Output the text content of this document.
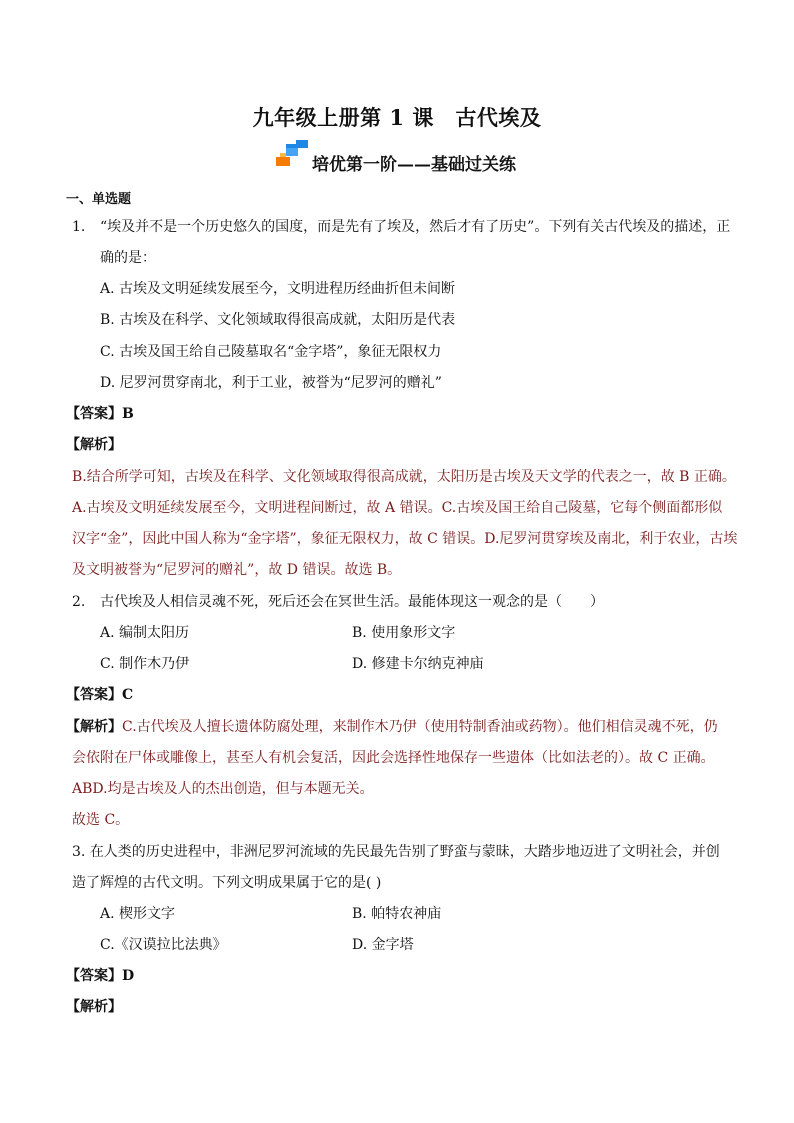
九年级上册第 1 课　古代埃及
培优第一阶——基础过关练
一、单选题
1. “埃及并不是一个历史悠久的国度，而是先有了埃及，然后才有了历史”。下列有关古代埃及的描述，正
确的是：
A. 古埃及文明延续发展至今，文明进程历经曲折但未间断
B. 古埃及在科学、文化领域取得很高成就，太阳历是代表
C. 古埃及国王给自己陵墓取名“金字塔”，象征无限权力
D. 尼罗河贯穿南北，利于工业，被誉为“尼罗河的赠礼”
【答案】B
【解析】
B.结合所学可知，古埃及在科学、文化领域取得很高成就，太阳历是古埃及天文学的代表之一，故 B 正确。
A.古埃及文明延续发展至今，文明进程间断过，故 A 错误。C.古埃及国王给自己陵墓，它每个侧面都形似
汉字“金”，因此中国人称为“金字塔”，象征无限权力，故 C 错误。D.尼罗河贯穿埃及南北，利于农业，古埃
及文明被誉为“尼罗河的赠礼”，故 D 错误。故选 B。
2. 古代埃及人相信灵魂不死，死后还会在冥世生活。最能体现这一观念的是（　　）
A. 编制太阳历	B. 使用象形文字
C. 制作木乃伊	D. 修建卡尔纳克神庙
【答案】C
【解析】C.古代埃及人擅长遗体防腐处理，来制作木乃伊（使用特制香油或药物）。他们相信灵魂不死，仍
会依附在尸体或雕像上，甚至人有机会复活，因此会选择性地保存一些遗体（比如法老的）。故 C 正确。
ABD.均是古埃及人的杰出创造，但与本题无关。
故选 C。
3. 在人类的历史进程中，非洲尼罗河流域的先民最先告别了野蛮与蒙昧，大踏步地迈进了文明社会，并创
造了辉煌的古代文明。下列文明成果属于它的是( )
A. 楔形文字	B. 帕特农神庙
C.《汉谟拉比法典》	D. 金字塔
【答案】D
【解析】
